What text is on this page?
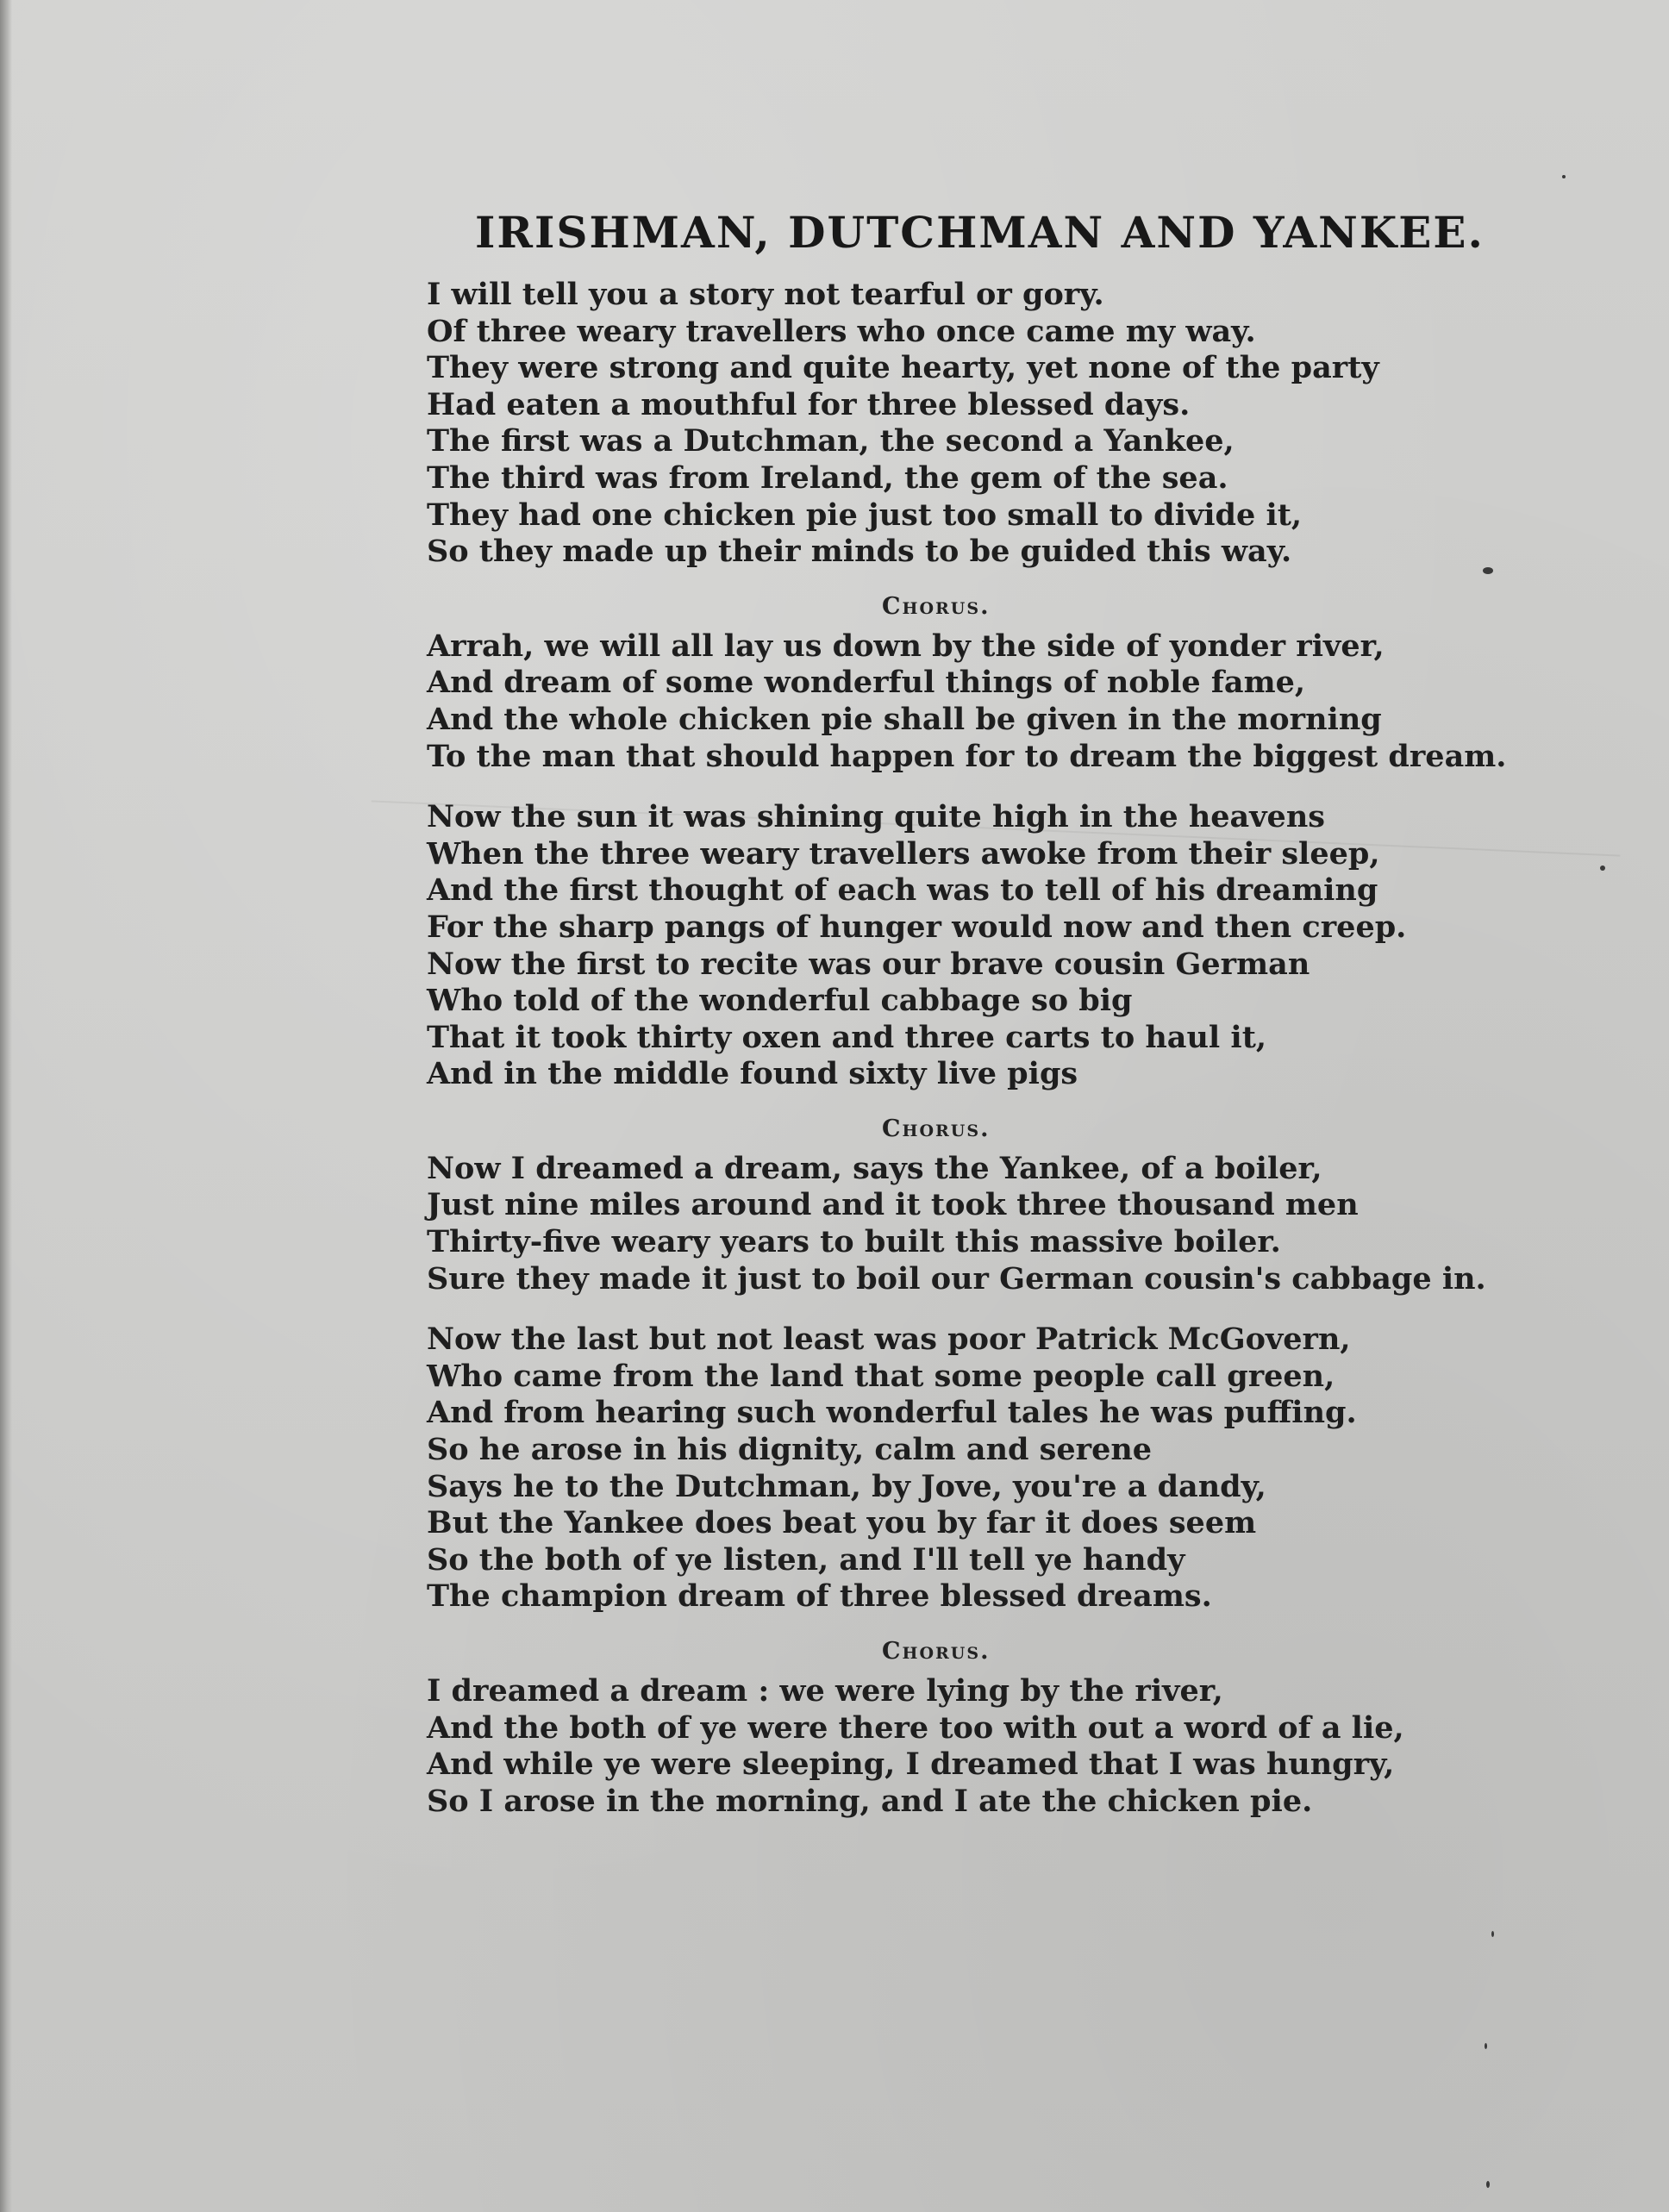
IRISHMAN, DUTCHMAN AND YANKEE.
I will tell you a story not tearful or gory.
Of three weary travellers who once came my way.
They were strong and quite hearty, yet none of the party
Had eaten a mouthful for three blessed days.
The first was a Dutchman, the second a Yankee,
The third was from Ireland, the gem of the sea.
They had one chicken pie just too small to divide it,
So they made up their minds to be guided this way.
Chorus.
Arrah, we will all lay us down by the side of yonder river,
And dream of some wonderful things of noble fame,
And the whole chicken pie shall be given in the morning
To the man that should happen for to dream the biggest dream.
Now the sun it was shining quite high in the heavens
When the three weary travellers awoke from their sleep,
And the first thought of each was to tell of his dreaming
For the sharp pangs of hunger would now and then creep.
Now the first to recite was our brave cousin German
Who told of the wonderful cabbage so big
That it took thirty oxen and three carts to haul it,
And in the middle found sixty live pigs
Chorus.
Now I dreamed a dream, says the Yankee, of a boiler,
Just nine miles around and it took three thousand men
Thirty-five weary years to built this massive boiler.
Sure they made it just to boil our German cousin's cabbage in.
Now the last but not least was poor Patrick McGovern,
Who came from the land that some people call green,
And from hearing such wonderful tales he was puffing.
So he arose in his dignity, calm and serene
Says he to the Dutchman, by Jove, you're a dandy,
But the Yankee does beat you by far it does seem
So the both of ye listen, and I'll tell ye handy
The champion dream of three blessed dreams.
Chorus.
I dreamed a dream : we were lying by the river,
And the both of ye were there too with out a word of a lie,
And while ye were sleeping, I dreamed that I was hungry,
So I arose in the morning, and I ate the chicken pie.
